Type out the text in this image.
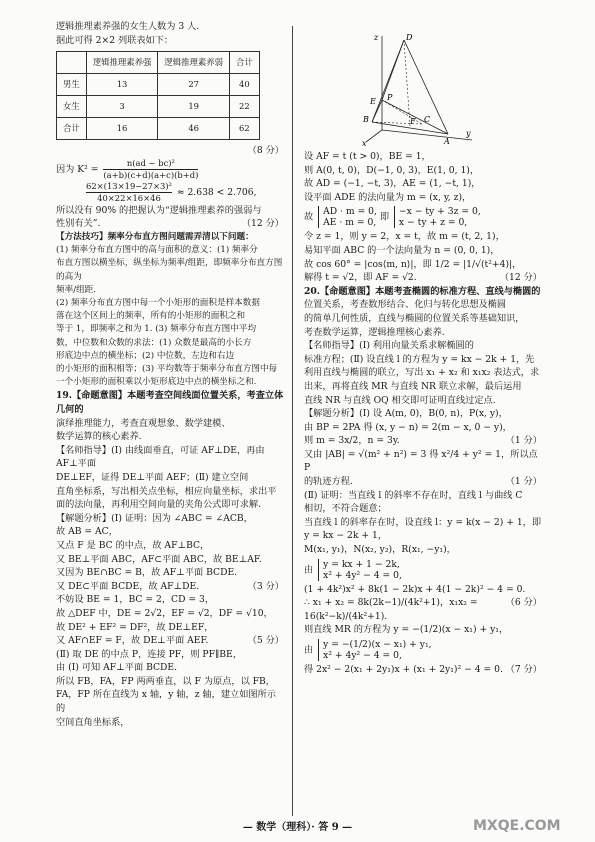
逻辑推理素养强的女生人数为 3 人.

据此可得 2×2 列联表如下：

	逻辑推理素养强	逻辑推理素养弱	合计
男生	13	27	40
女生	3	19	22
合计	16	46	62

（8 分）

因为 $K^2 = \frac{\text{n(ad − bc)²}}{(a+b)(c+d)(a+c)(b+d)}$

$\frac{\text{62×(13×19−27×3)²}}{40\times 22\times 16\times 46} \approx 2.638 < 2.706$,

所以没有 90% 的把握认为“逻辑推理素养的强弱与

性别有关”.	（12 分）

【方法技巧】频率分布直方图问题需弄清以下问题：

(1) 频率分布直方图中的高与面积的意义：(1) 频率分

布直方图以横坐标，纵坐标为频率/组距，即频率分布直方图的高为

频率/组距.

(2) 频率分布直方图中每一个小矩形的面积是样本数据

落在这个区间上的频率，所有的小矩形的面积之和

等于 1，即频率之和为 1. (3) 频率分布直方图中平均

数，中位数和众数的求法：(1) 众数是最高的小长方

形底边中点的横坐标；(2) 中位数，左边和右边

的小矩形的面积相等；(3) 平均数等于频率分布直方图中每

一个小矩形的面积乘以小矩形底边中点的横坐标之和.

19.【命题意图】本题考查空间线面位置关系，考查立体几何的

演绎推理能力，考查直观想象、数学建模、

数学运算的核心素养.

【名师指导】(Ⅰ) 由线面垂直，可证 AF⊥DE，再由 AF⊥平面

DE⊥EF，证得 DE⊥平面 AEF；(Ⅱ) 建立空间

直角坐标系，写出相关点坐标，相应向量坐标，求出平

面的法向量，再利用空间向量的夹角公式即可求解.

【解题分析】(Ⅰ) 证明：因为 ∠ABC = ∠ACB，

故 AB = AC，

又点 F 是 BC 的中点，故 AF⊥BC，

又 BE⊥平面 ABC，AF⊂平面 ABC，故 BE⊥AF.

又因为 BE∩BC = B，故 AF⊥平面 BCDE.

又 DE⊂平面 BCDE，故 AF⊥DE.	（3 分）

不妨设 BE = 1，BC = 2，CD = 3，

故 △DEF 中，DE = 2√2，EF = √2，DF = √10，

故 DE² + EF² = DF²，故 DE⊥EF，

又 AF∩EF = F，故 DE⊥平面 AEF.	（5 分）

(Ⅱ) 取 DE 的中点 P，连接 PF，则 PF∥BE，

由 (Ⅰ) 可知 AF⊥平面 BCDE.

所以 FB，FA，FP 两两垂直，以 F 为原点，以 FB，

FA，FP 所在直线为 x 轴，y 轴，z 轴，建立如图所示的

空间直角坐标系，

z	D
P
E
B	F C
A
x
y

设 AF = t (t > 0)，BE = 1，

则 A(0, t, 0)，D(−1, 0, 3)，E(1, 0, 1)，

故 AD = (−1, −t, 3)，AE = (1, −t, 1)，

设平面 ADE 的法向量为 m = (x, y, z)，

故 AD · m = 0,
AE · m = 0, 即 −x − ty + 3z = 0,
x − ty + z = 0,

令 z = 1，则 y = 2，x = t，故 m = (t, 2, 1)，

易知平面 ABC 的一个法向量为 n = (0, 0, 1)，

故 cos 60° = |cos⟨m, n⟩|，即 1/2 = |1/√(t²+4)|，

解得 t = √2，即 AF = √2.	（12 分）

20.【命题意图】本题考查椭圆的标准方程、直线与椭圆的

位置关系，考查数形结合、化归与转化思想及椭圆

的简单几何性质，直线与椭圆的位置关系等基础知识，

考查数学运算，逻辑推理核心素养.

【名师指导】(Ⅰ) 利用向量关系求解椭圆的

标准方程；(Ⅱ) 设直线 l 的方程为 y = kx − 2k + 1，先

利用直线与椭圆的联立，写出 x₁ + x₂ 和 x₁x₂ 表达式，求

出来，再将直线 MR 与直线 NR 联立求解，最后运用

直线 NR 与直线 OQ 相交即可证明直线过定点.

【解题分析】(Ⅰ) 设 A(m, 0)，B(0, n)，P(x, y)，

由 BP = 2PA 得 (x, y − n) = 2(m − x, 0 − y)，

则 m = 3x/2，n = 3y.	（1 分）

又由 |AB| = √(m² + n²) = 3 得 x²/4 + y² = 1，所以点 P

的轨迹方程.	（1 分）

(Ⅱ) 证明：当直线 l 的斜率不存在时，直线 l 与曲线 C

相切，不符合题意；

当直线 l 的斜率存在时，设直线 l：y = k(x − 2) + 1，即

y = kx − 2k + 1，

M(x₁, y₁)，N(x₂, y₂)，R(x₁, −y₁)，

由 y = kx + 1 − 2k,
x² + 4y² − 4 = 0,

(1 + 4k²)x² + 8k(1 − 2k)x + 4(1 − 2k)² − 4 = 0.
（6 分）

∴ x₁ + x₂ = 8k(2k−1)/(4k²+1)，x₁x₂ = 16(k²−k)/(4k²+1).

则直线 MR 的方程为 y = −(1/2)(x − x₁) + y₁，

由 y = −(1/2)(x − x₁) + y₁,
x² + 4y² − 4 = 0,

得 2x² − 2(x₁ + 2y₁)x + (x₁ + 2y₁)² − 4 = 0. （7 分）

— 数学（理科）· 答 9 —	MXQE.COM
